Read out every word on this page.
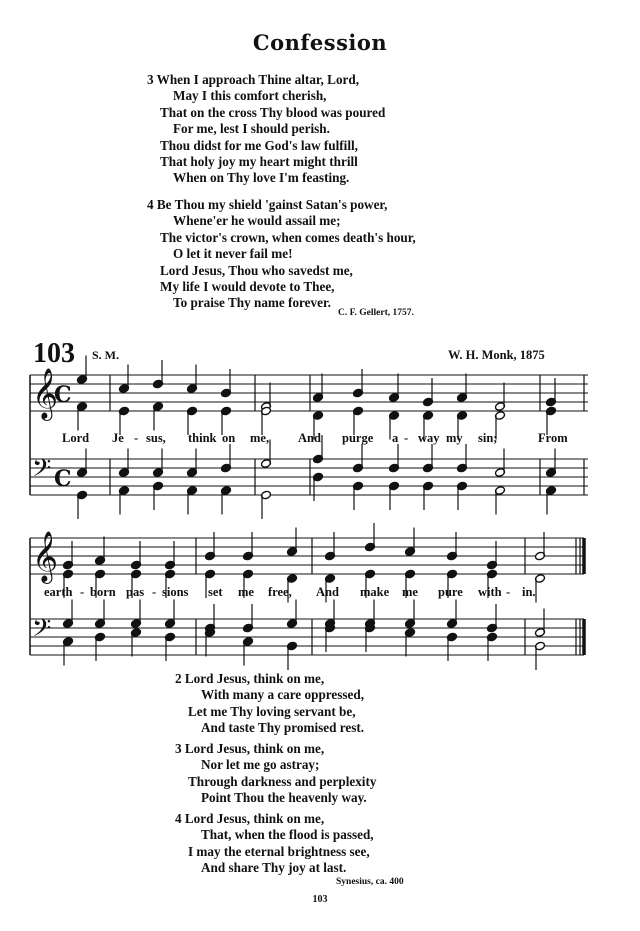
Confession
3 When I approach Thine altar, Lord,
May I this comfort cherish,
That on the cross Thy blood was poured
For me, lest I should perish.
Thou didst for me God's law fulfill,
That holy joy my heart might thrill
When on Thy love I'm feasting.
4 Be Thou my shield 'gainst Satan's power,
Whene'er he would assail me;
The victor's crown, when comes death's hour,
O let it never fail me!
Lord Jesus, Thou who savedst me,
My life I would devote to Thee,
To praise Thy name forever.
C. F. Gellert, 1757.
103 S. M.	W. H. Monk, 1875
𝄞
C
𝄢 C
𝄞
𝄢
Lord Je - sus, think on me, And purge a - way my sin;	From
earth - born pas - sions set me free, And make me pure with - in.
2 Lord Jesus, think on me,
With many a care oppressed,
Let me Thy loving servant be,
And taste Thy promised rest.
3 Lord Jesus, think on me,
Nor let me go astray;
Through darkness and perplexity
Point Thou the heavenly way.
4 Lord Jesus, think on me,
That, when the flood is passed,
I may the eternal brightness see,
And share Thy joy at last.
Synesius, ca. 400
103
